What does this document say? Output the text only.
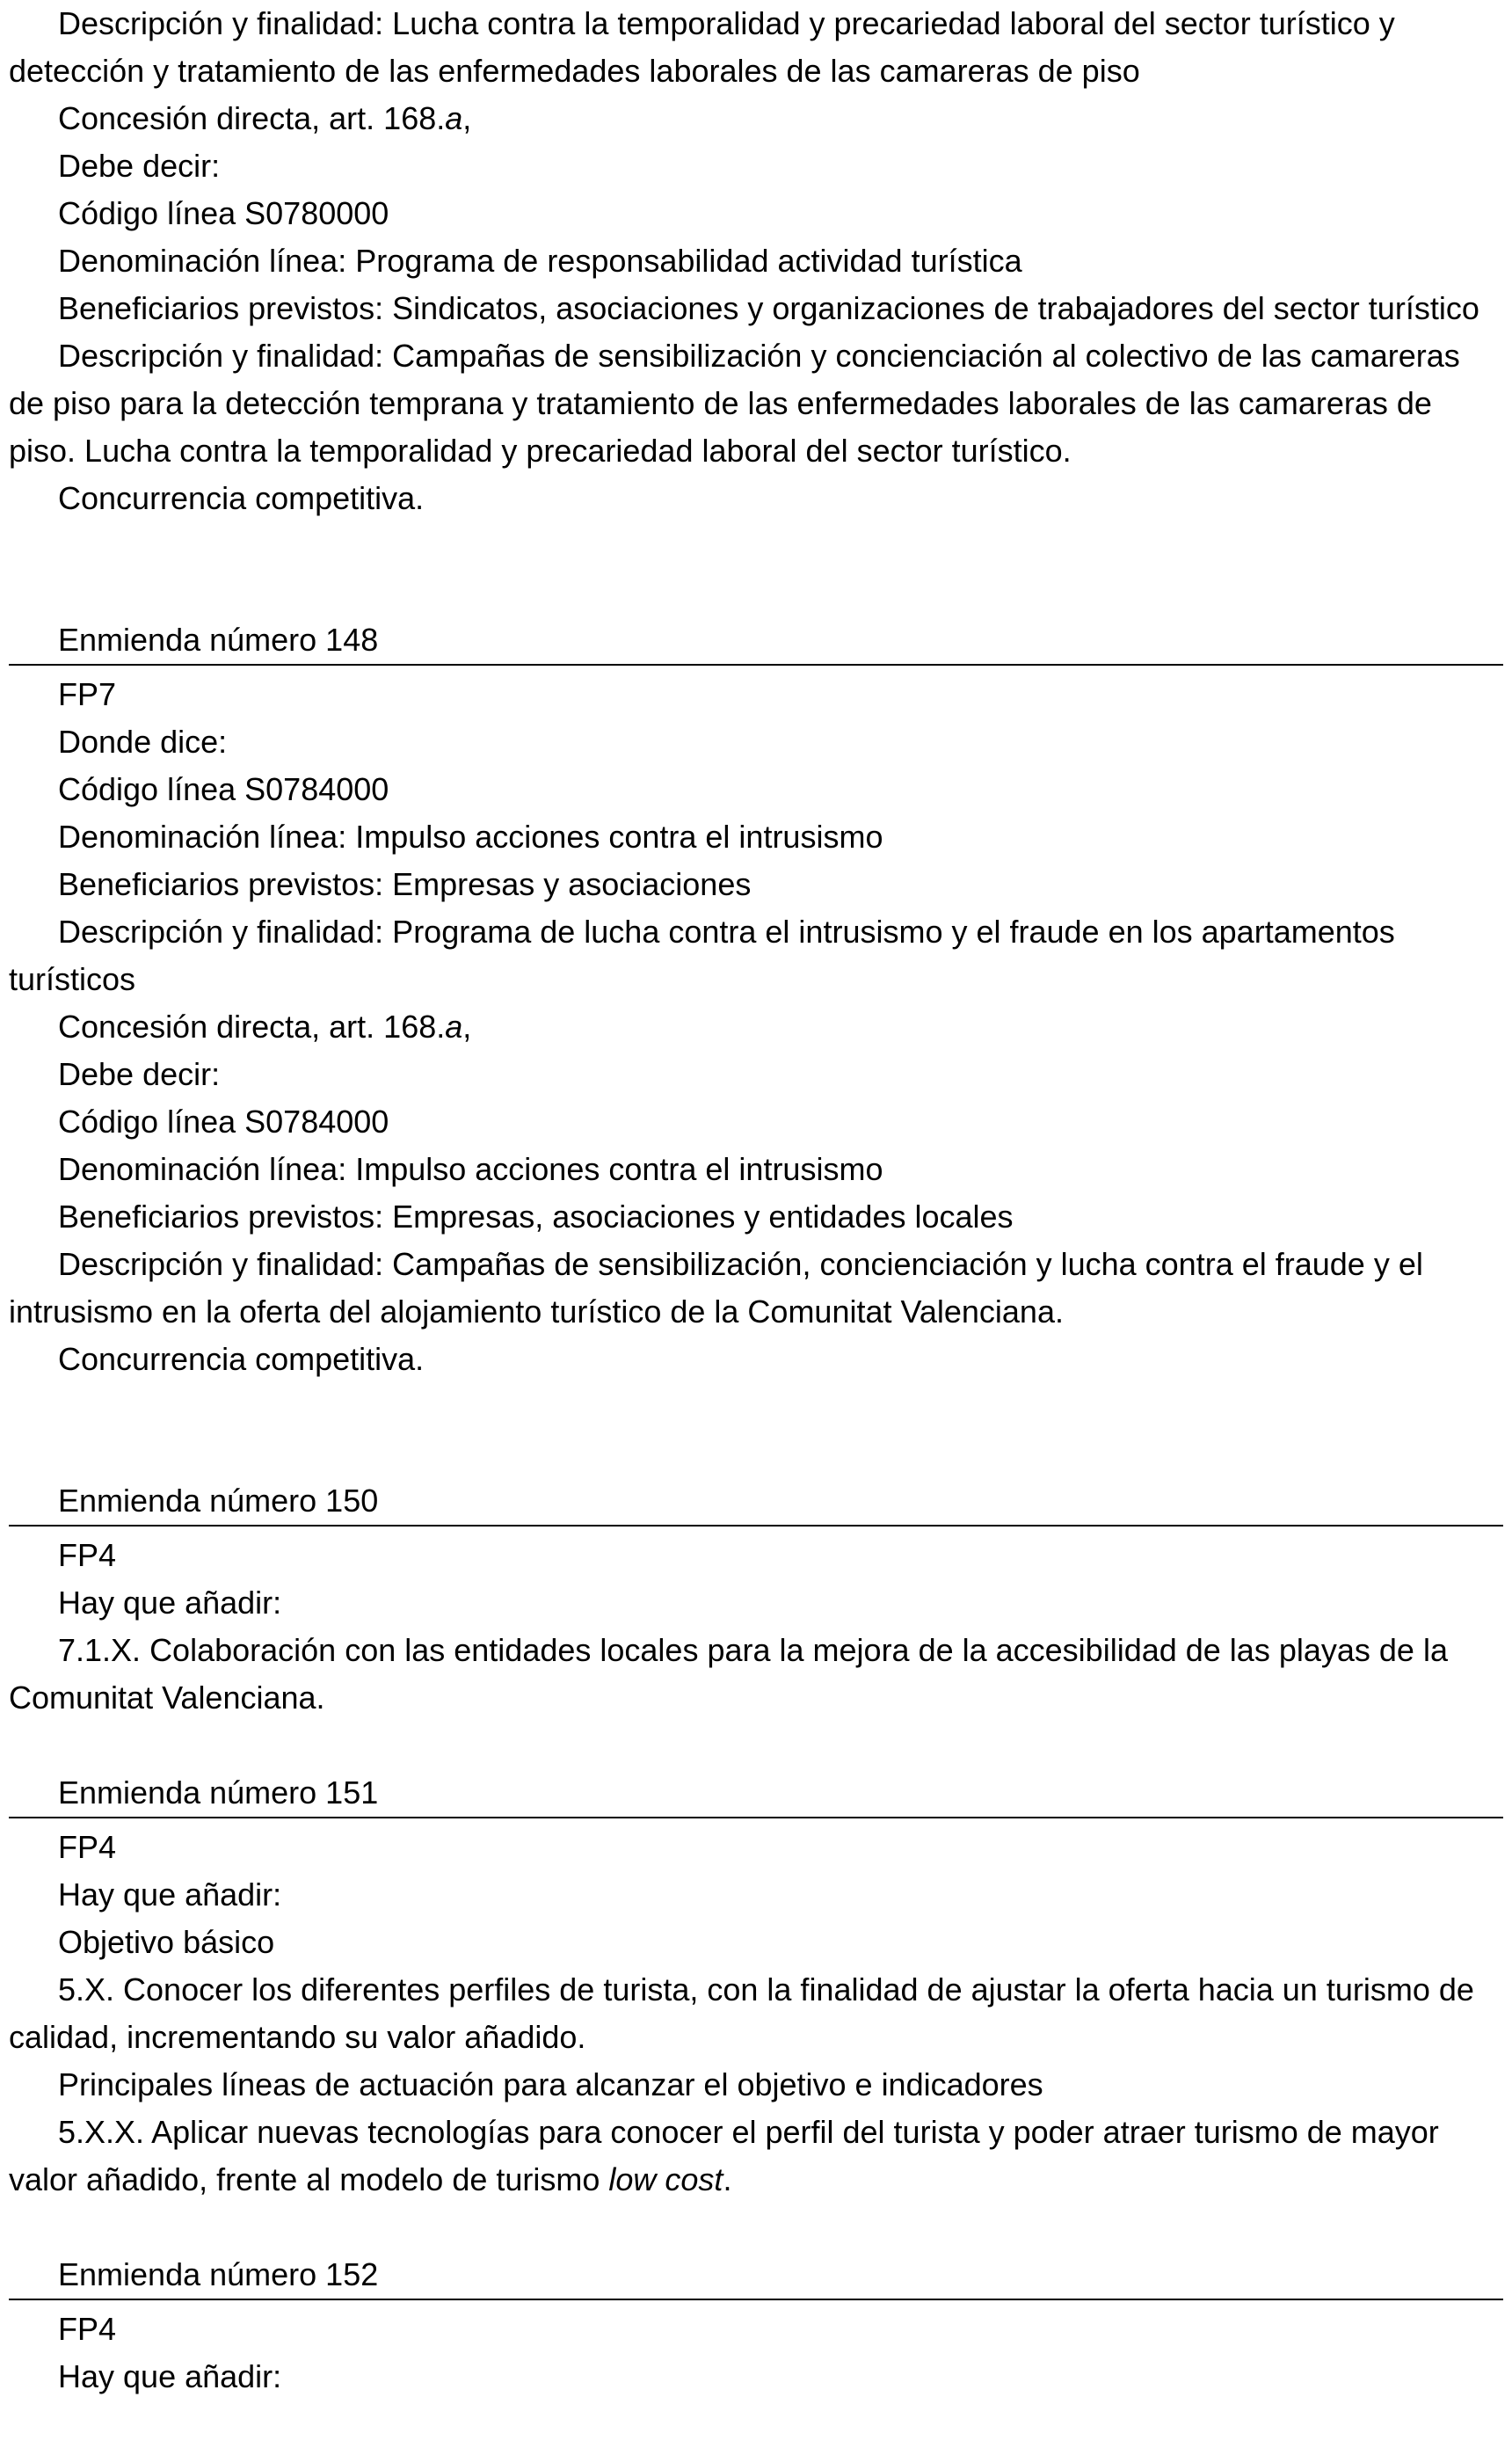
Descripción y finalidad: Lucha contra la temporalidad y precariedad laboral del sector turístico y detección y tratamiento de las enfermedades laborales de las camareras de piso

Concesión directa, art. 168.a,

Debe decir:

Código línea S0780000

Denominación línea: Programa de responsabilidad actividad turística

Beneficiarios previstos: Sindicatos, asociaciones y organizaciones de trabajadores del sector turístico

Descripción y finalidad: Campañas de sensibilización y concienciación al colectivo de las camareras de piso para la detección temprana y tratamiento de las enfermedades laborales de las camareras de piso. Lucha contra la temporalidad y precariedad laboral del sector turístico.

Concurrencia competitiva.

Enmienda número 148

FP7

Donde dice:

Código línea S0784000

Denominación línea: Impulso acciones contra el intrusismo

Beneficiarios previstos: Empresas y asociaciones

Descripción y finalidad: Programa de lucha contra el intrusismo y el fraude en los apartamentos turísticos

Concesión directa, art. 168.a,

Debe decir:

Código línea S0784000

Denominación línea: Impulso acciones contra el intrusismo

Beneficiarios previstos: Empresas, asociaciones y entidades locales

Descripción y finalidad: Campañas de sensibilización, concienciación y lucha contra el fraude y el intrusismo en la oferta del alojamiento turístico de la Comunitat Valenciana.

Concurrencia competitiva.

Enmienda número 150

FP4

Hay que añadir:

7.1.X. Colaboración con las entidades locales para la mejora de la accesibilidad de las playas de la Comunitat Valenciana.

Enmienda número 151

FP4

Hay que añadir:

Objetivo básico

5.X. Conocer los diferentes perfiles de turista, con la finalidad de ajustar la oferta hacia un turismo de calidad, incrementando su valor añadido.

Principales líneas de actuación para alcanzar el objetivo e indicadores

5.X.X. Aplicar nuevas tecnologías para conocer el perfil del turista y poder atraer turismo de mayor valor añadido, frente al modelo de turismo low cost.

Enmienda número 152

FP4

Hay que añadir:
